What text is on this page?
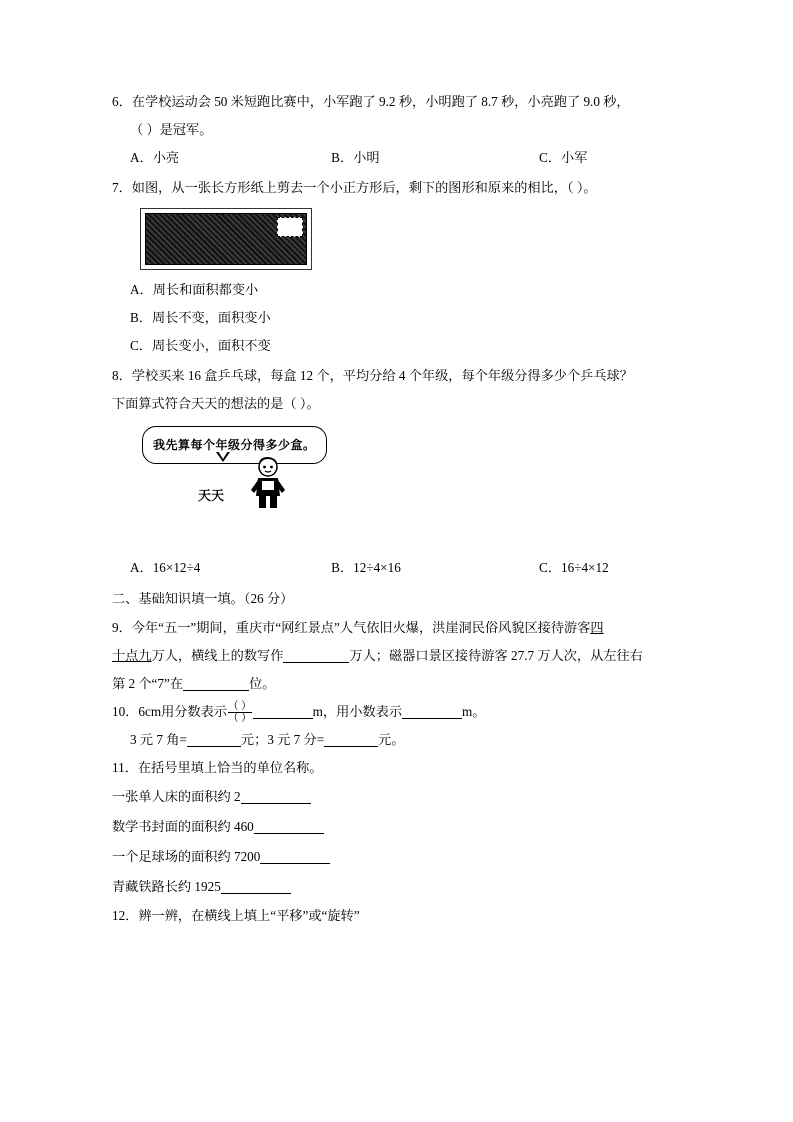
6．在学校运动会 50 米短跑比赛中，小军跑了 9.2 秒，小明跑了 8.7 秒，小亮跑了 9.0 秒，
（ ）是冠军。
A．小亮	B．小明	C．小军
7．如图，从一张长方形纸上剪去一个小正方形后，剩下的图形和原来的相比，（ ）。
A．周长和面积都变小
B．周长不变，面积变小
C．周长变小，面积不变
8．学校买来 16 盒乒乓球，每盒 12 个，平均分给 4 个年级，每个年级分得多少个乒乓球？
下面算式符合天天的想法的是（ ）。
我先算每个年级分得多少盒。
天天
A．16×12÷4	B．12÷4×16	C．16÷4×12
二、基础知识填一填。（26 分）
9．今年“五一”期间，重庆市“网红景点”人气依旧火爆，洪崖洞民俗风貌区接待游客四
十点九万人，横线上的数写作	万人；磁器口景区接待游客 27.7 万人次，从左往右
第 2 个“7”在	位。
10．6cm用分数表示 $\frac{( )}{( )}$	m，用小数表示	m。
3 元 7 角=	元；3 元 7 分=	元。
11．在括号里填上恰当的单位名称。
一张单人床的面积约 2
数学书封面的面积约 460
一个足球场的面积约 7200
青藏铁路长约 1925
12．辨一辨，在横线上填上“平移”或“旋转”
